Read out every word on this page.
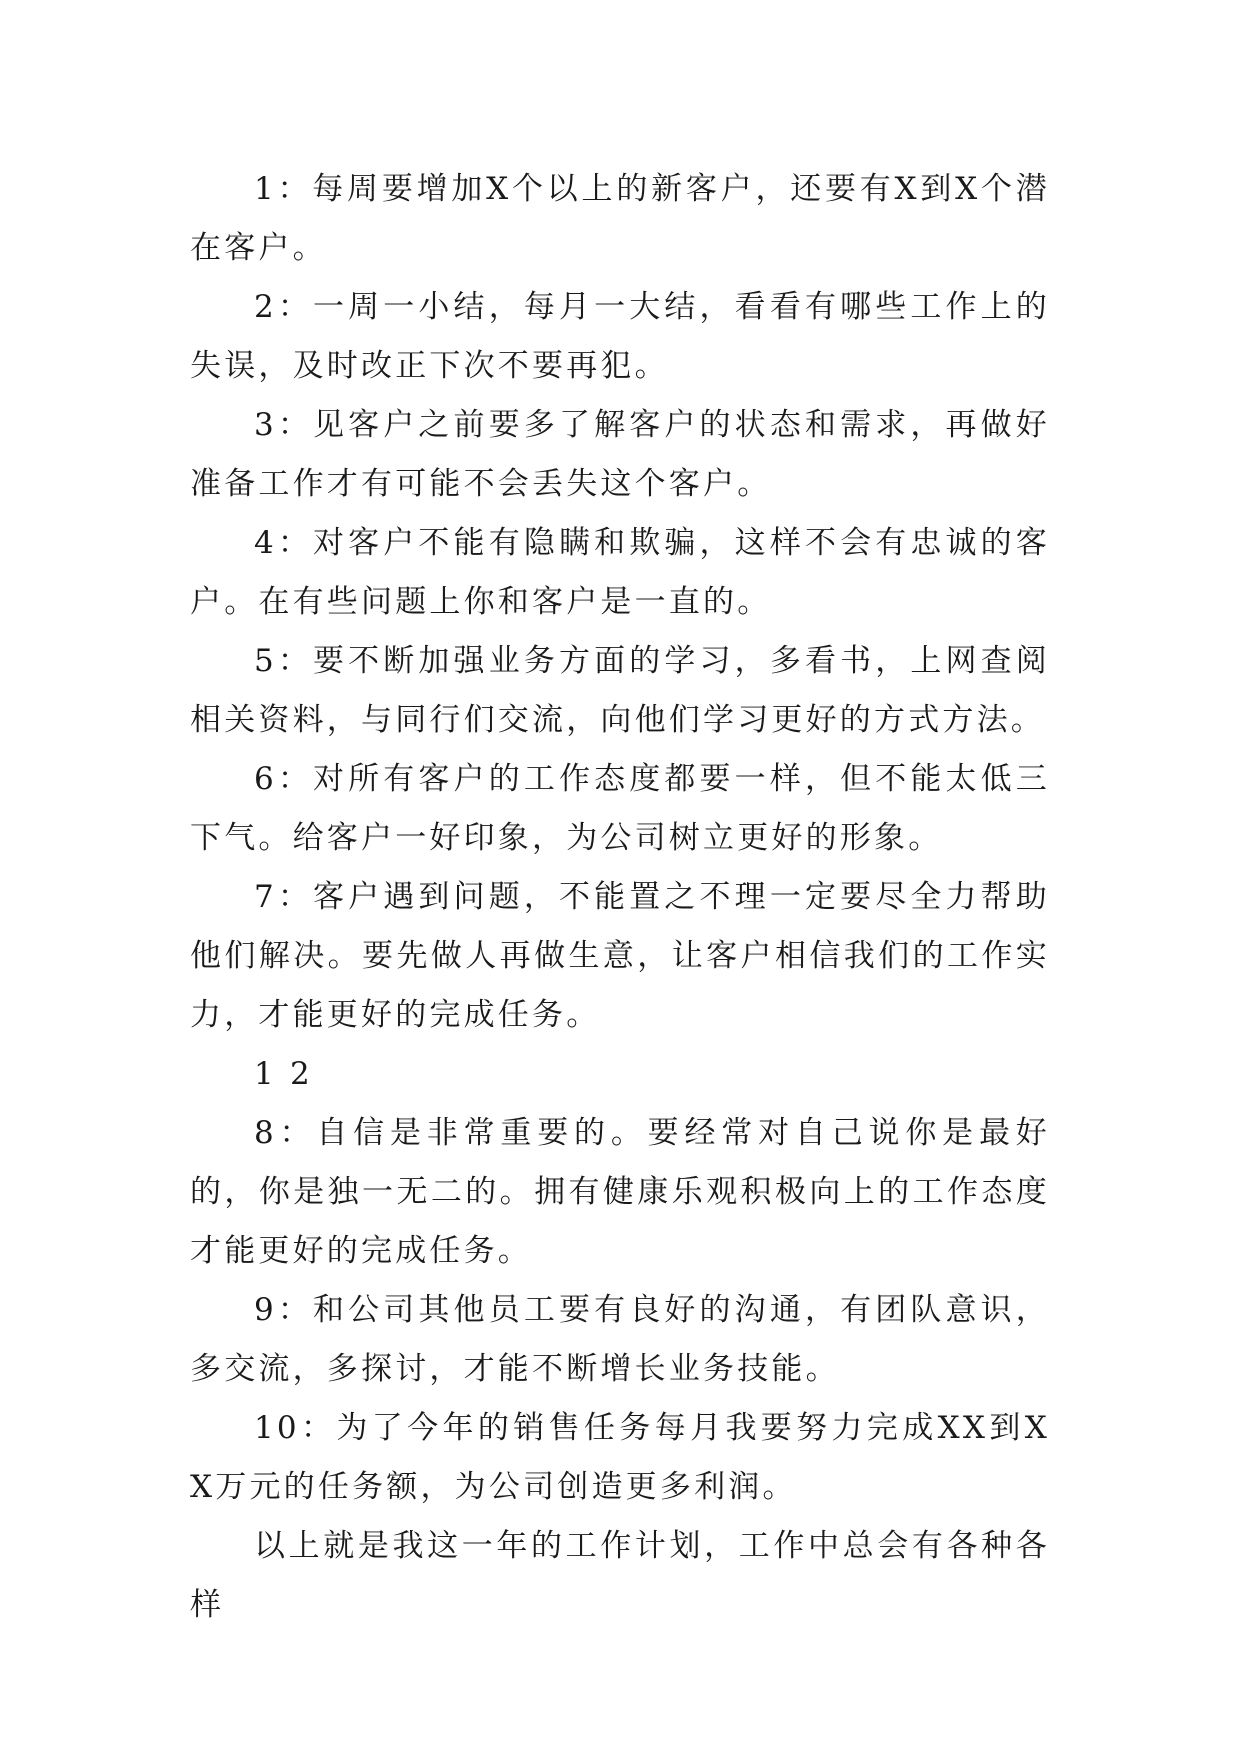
1：每周要增加X个以上的新客户，还要有X到X个潜在客户。

2：一周一小结，每月一大结，看看有哪些工作上的失误，及时改正下次不要再犯。

3：见客户之前要多了解客户的状态和需求，再做好准备工作才有可能不会丢失这个客户。

4：对客户不能有隐瞒和欺骗，这样不会有忠诚的客户。在有些问题上你和客户是一直的。

5：要不断加强业务方面的学习，多看书，上网查阅相关资料，与同行们交流，向他们学习更好的方式方法。

6：对所有客户的工作态度都要一样，但不能太低三下气。给客户一好印象，为公司树立更好的形象。

7：客户遇到问题，不能置之不理一定要尽全力帮助他们解决。要先做人再做生意，让客户相信我们的工作实力，才能更好的完成任务。

1 2

8：自信是非常重要的。要经常对自己说你是最好的，你是独一无二的。拥有健康乐观积极向上的工作态度才能更好的完成任务。

9：和公司其他员工要有良好的沟通，有团队意识，多交流，多探讨，才能不断增长业务技能。

10：为了今年的销售任务每月我要努力完成XX到XX万元的任务额，为公司创造更多利润。

以上就是我这一年的工作计划，工作中总会有各种各样
